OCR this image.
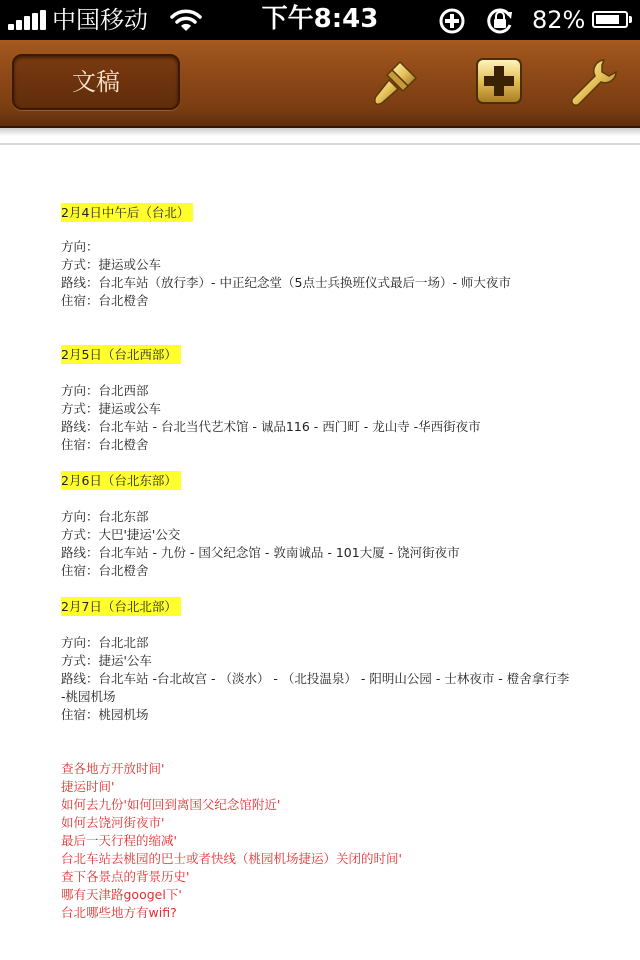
中国移动	下午8:43	82%
文稿
2月4日中午后（台北）
方向：
方式：捷运或公车
路线：台北车站（放行李）- 中正纪念堂（5点士兵换班仪式最后一场）- 师大夜市
住宿：台北橙舍
2月5日（台北西部）
方向：台北西部
方式：捷运或公车
路线：台北车站 - 台北当代艺术馆 - 诚品116 - 西门町 - 龙山寺 -华西街夜市
住宿：台北橙舍
2月6日（台北东部）
方向：台北东部
方式：大巴'捷运'公交
路线：台北车站 - 九份 - 国父纪念馆 - 敦南诚品 - 101大厦 - 饶河街夜市
住宿：台北橙舍
2月7日（台北北部）
方向：台北北部
方式：捷运'公车
路线：台北车站 -台北故宫 - （淡水） - （北投温泉） - 阳明山公园 - 士林夜市 - 橙舍拿行李
-桃园机场
住宿：桃园机场
查各地方开放时间'
捷运时间'
如何去九份'如何回到离国父纪念馆附近'
如何去饶河街夜市'
最后一天行程的缩减'
台北车站去桃园的巴士或者快线（桃园机场捷运）关闭的时间'
查下各景点的背景历史'
哪有天津路googel下'
台北哪些地方有wifi?
